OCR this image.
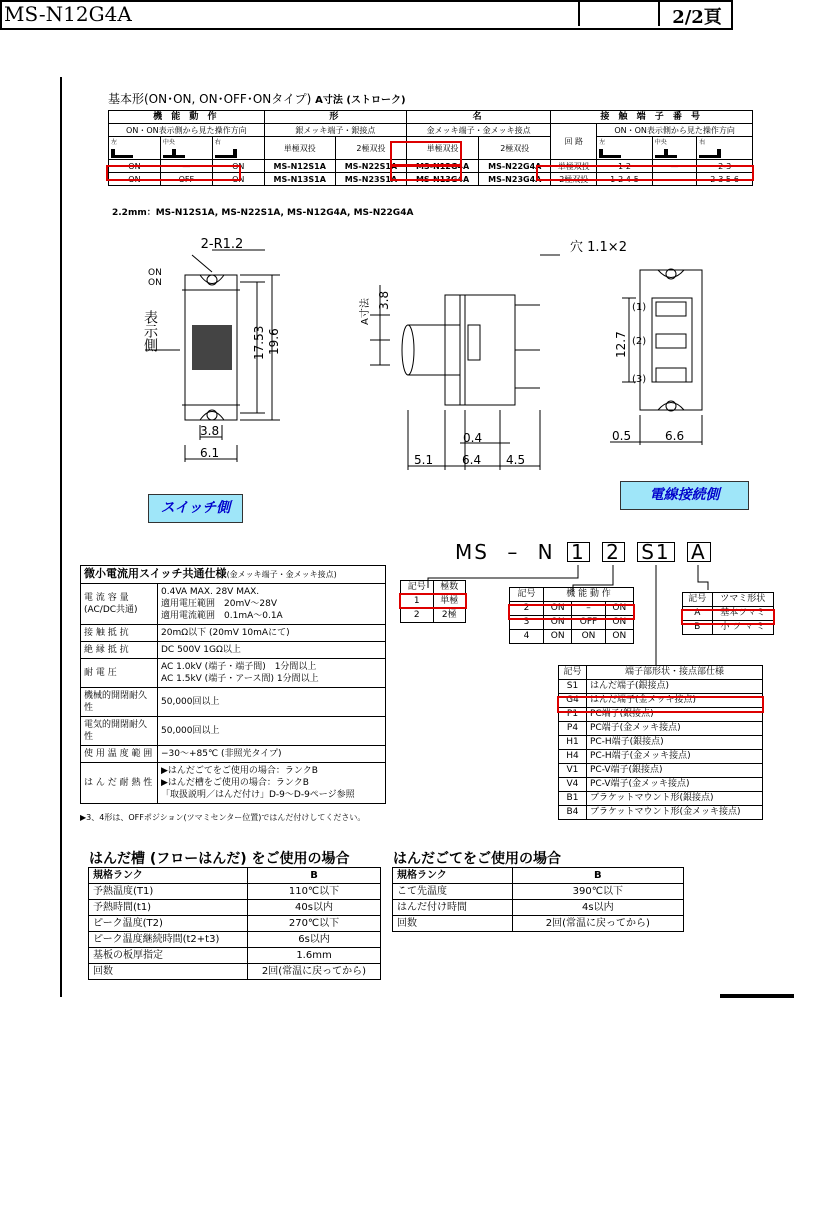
MS-N12G4A	2/2頁
基本形(ON･ON, ON･OFF･ONタイプ) A寸法 (ストローク)
機 能 動 作			形		名		接 触 端 子 番 号			
ON・ON表示側から見た操作方向			銀メッキ端子・銀接点		金メッキ端子・金メッキ接点		回 路	ON・ON表示側から見た操作方向		
左	中央	右	単極双投	2極双投	単極双投	2極双投		左	中央	右

ON	—	ON	MS-N12S1A	MS-N22S1A	MS-N12G4A	MS-N22G4A	単極双投	1-2	—	2-3
ON	OFF	ON	MS-N13S1A	MS-N23S1A	MS-N13G4A	MS-N23G4A	2極双投	1-2 4-5	—	2-3 5-6
2.2mm：MS-N12S1A, MS-N22S1A, MS-N12G4A, MS-N22G4A
2-R1.2
ON
ON
表示側	17.53 19.6
3.8
6.1
穴 1.1×2
A寸法 3.8
0.4
5.1 6.4 4.5
12.7
(1)
(2)
(3)
0.5	6.6
スイッチ側
電線接続側
微小電流用スイッチ共通仕様(金メッキ端子・金メッキ接点)	
電 流 容 量 (AC/DC共通)	0.4VA MAX. 28V MAX.
適用電圧範囲　20mV～28V
適用電流範囲　0.1mA～0.1A
接 触 抵 抗	20mΩ以下 (20mV 10mAにて)
絶 縁 抵 抗	DC 500V 1GΩ以上
耐 電 圧	AC 1.0kV (端子・端子間)　1分間以上
AC 1.5kV (端子・アース間) 1分間以上
機械的開閉耐久性	50,000回以上
電気的開閉耐久性	50,000回以上
使 用 温 度 範 囲	−30～+85℃ (非照光タイプ)
は ん だ 耐 熱 性	▶はんだごてをご使用の場合：ランクB
▶はんだ槽をご使用の場合：ランクB
「取扱説明／はんだ付け」D-9～D-9ページ参照
▶3、4形は、OFFポジション(ツマミセンター位置)ではんだ付けしてください。
MS – N 1 2 S1 A
記号	極数
1	単極
2	2極
記号	機 能 動 作		
2	ON	–	ON
3	ON	OFF	ON
4	ON	ON	ON
記号	ツマミ形状
A	基本ツマミ
B	小 ツ マ ミ
記号	端子部形状・接点部仕様
S1	はんだ端子(銀接点)
G4	はんだ端子(金メッキ接点)
P1	PC端子(銀接点)
P4	PC端子(金メッキ接点)
H1	PC-H端子(銀接点)
H4	PC-H端子(金メッキ接点)
V1	PC-V端子(銀接点)
V4	PC-V端子(金メッキ接点)
B1	ブラケットマウント形(銀接点)
B4	ブラケットマウント形(金メッキ接点)
はんだ槽 (フローはんだ) をご使用の場合
規格ランク	B
予熱温度(T1)	110℃以下
予熱時間(t1)	40s以内
ピーク温度(T2)	270℃以下
ピーク温度継続時間(t2+t3)	6s以内
基板の板厚指定	1.6mm
回数	2回(常温に戻ってから)
はんだごてをご使用の場合
規格ランク	B
こて先温度	390℃以下
はんだ付け時間	4s以内
回数	2回(常温に戻ってから)
